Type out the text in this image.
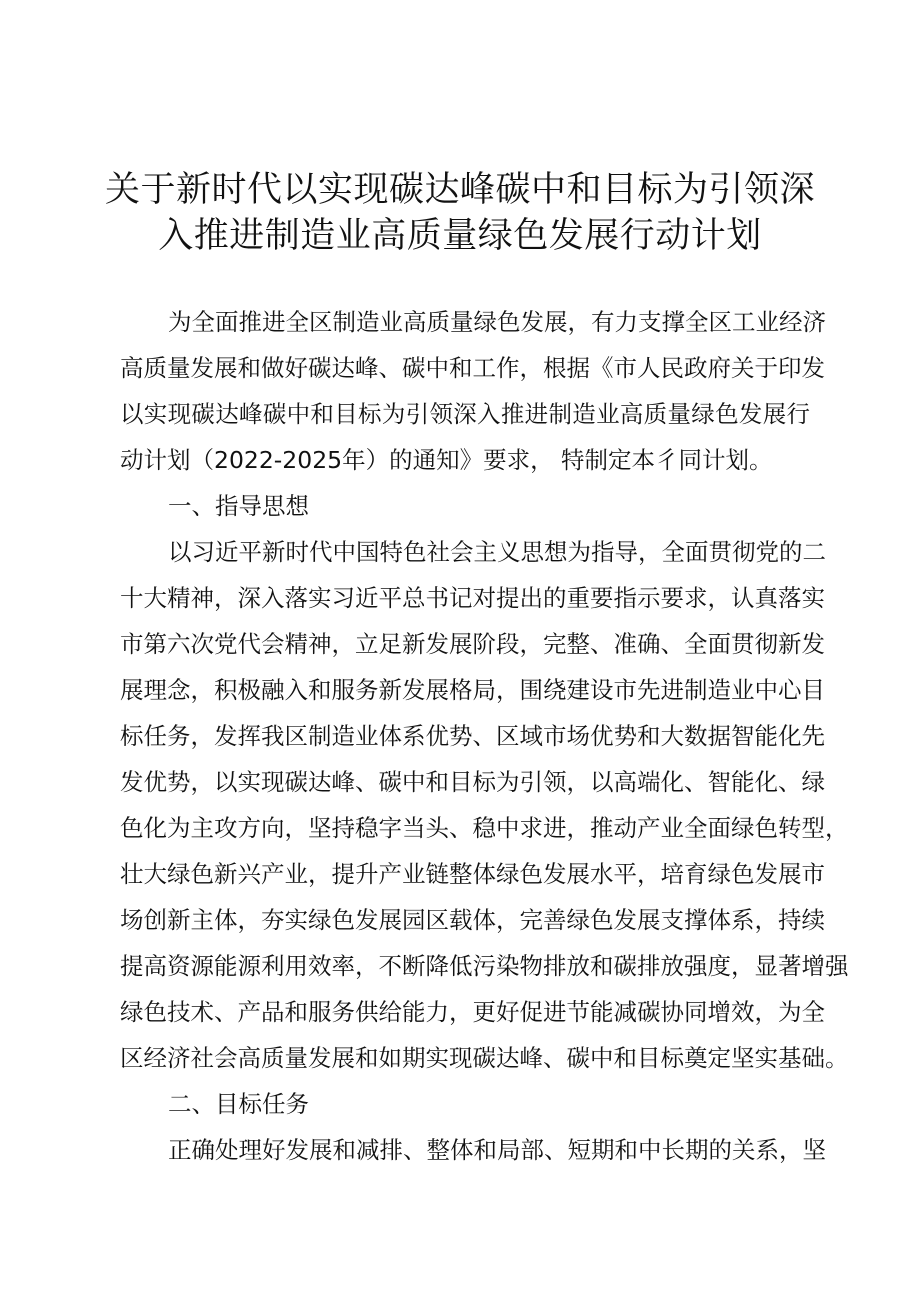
关于新时代以实现碳达峰碳中和目标为引领深
入推进制造业高质量绿色发展行动计划
为全面推进全区制造业高质量绿色发展，有力支撑全区工业经济
高质量发展和做好碳达峰、碳中和工作，根据《市人民政府关于印发
以实现碳达峰碳中和目标为引领深入推进制造业高质量绿色发展行
动计划（2022-2025年）的通知》要求， 特制定本彳同计划。
一、指导思想
以习近平新时代中国特色社会主义思想为指导，全面贯彻党的二
十大精神，深入落实习近平总书记对提出的重要指示要求，认真落实
市第六次党代会精神，立足新发展阶段，完整、准确、全面贯彻新发
展理念，积极融入和服务新发展格局，围绕建设市先进制造业中心目
标任务，发挥我区制造业体系优势、区域市场优势和大数据智能化先
发优势，以实现碳达峰、碳中和目标为引领，以高端化、智能化、绿
色化为主攻方向，坚持稳字当头、稳中求进，推动产业全面绿色转型，
壮大绿色新兴产业，提升产业链整体绿色发展水平，培育绿色发展市
场创新主体，夯实绿色发展园区载体，完善绿色发展支撑体系，持续
提高资源能源利用效率，不断降低污染物排放和碳排放强度，显著增强
绿色技术、产品和服务供给能力，更好促进节能减碳协同增效，为全
区经济社会高质量发展和如期实现碳达峰、碳中和目标奠定坚实基础。
二、目标任务
正确处理好发展和减排、整体和局部、短期和中长期的关系，坚
